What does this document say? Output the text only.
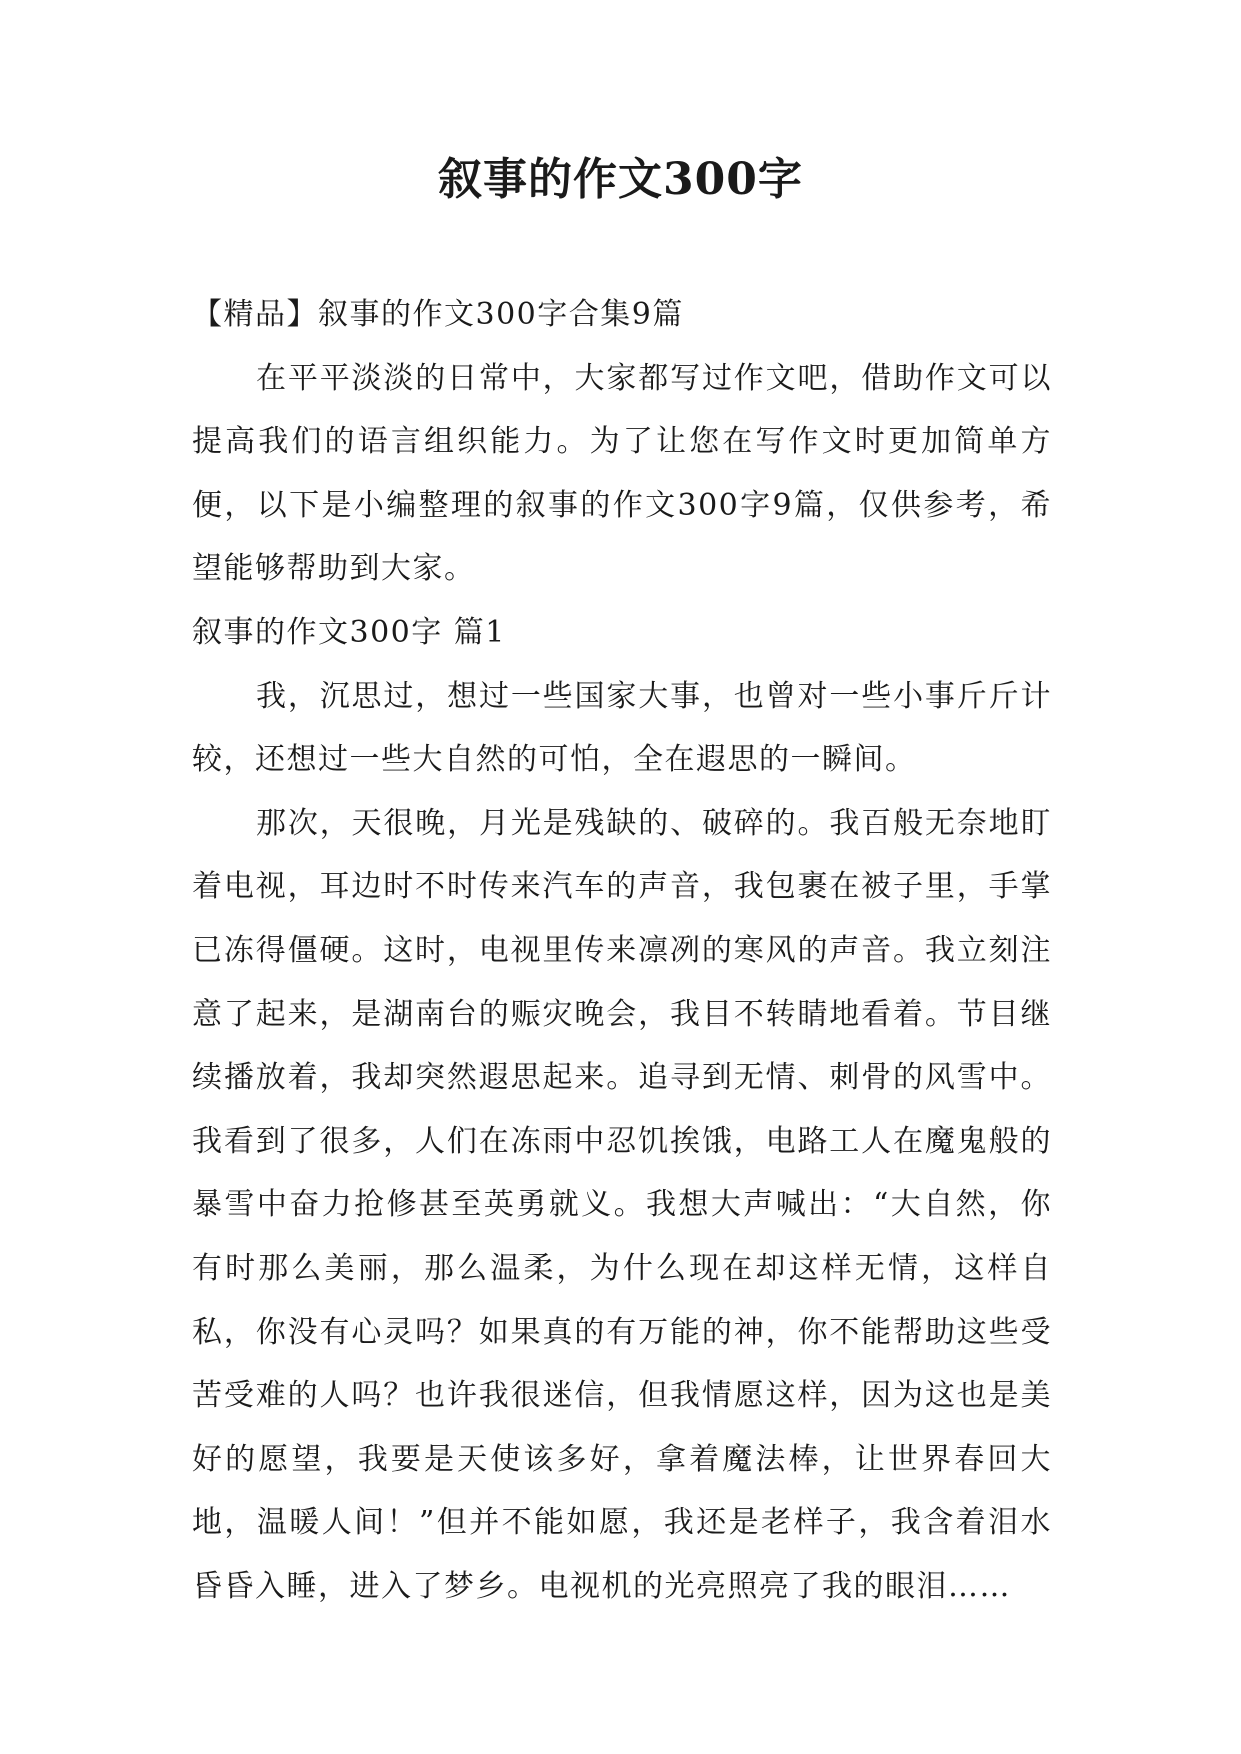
叙事的作文300字

【精品】叙事的作文300字合集9篇

在平平淡淡的日常中，大家都写过作文吧，借助作文可以提高我们的语言组织能力。为了让您在写作文时更加简单方便，以下是小编整理的叙事的作文300字9篇，仅供参考，希望能够帮助到大家。

叙事的作文300字 篇1

我，沉思过，想过一些国家大事，也曾对一些小事斤斤计较，还想过一些大自然的可怕，全在遐思的一瞬间。

那次，天很晚，月光是残缺的、破碎的。我百般无奈地盯着电视，耳边时不时传来汽车的声音，我包裹在被子里，手掌已冻得僵硬。这时，电视里传来凛冽的寒风的声音。我立刻注意了起来，是湖南台的赈灾晚会，我目不转睛地看着。节目继续播放着，我却突然遐思起来。追寻到无情、刺骨的风雪中。我看到了很多，人们在冻雨中忍饥挨饿，电路工人在魔鬼般的暴雪中奋力抢修甚至英勇就义。我想大声喊出：“大自然，你有时那么美丽，那么温柔，为什么现在却这样无情，这样自私，你没有心灵吗？如果真的有万能的神，你不能帮助这些受苦受难的人吗？也许我很迷信，但我情愿这样，因为这也是美好的愿望，我要是天使该多好，拿着魔法棒，让世界春回大地，温暖人间！”但并不能如愿，我还是老样子，我含着泪水昏昏入睡，进入了梦乡。电视机的光亮照亮了我的眼泪……
